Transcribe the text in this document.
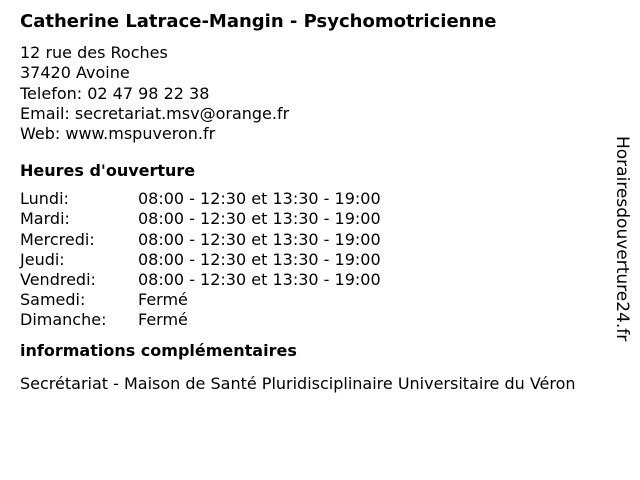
Catherine Latrace-Mangin - Psychomotricienne
12 rue des Roches
37420 Avoine
Telefon: 02 47 98 22 38
Email: secretariat.msv@orange.fr
Web: www.mspuveron.fr
Heures d'ouverture
Lundi:	08:00 - 12:30 et 13:30 - 19:00
Mardi:	08:00 - 12:30 et 13:30 - 19:00
Mercredi:	08:00 - 12:30 et 13:30 - 19:00
Jeudi:	08:00 - 12:30 et 13:30 - 19:00
Vendredi:	08:00 - 12:30 et 13:30 - 19:00
Samedi:	Fermé
Dimanche: Fermé
informations complémentaires
Secrétariat - Maison de Santé Pluridisciplinaire Universitaire du Véron
Horairesdouverture24.fr
